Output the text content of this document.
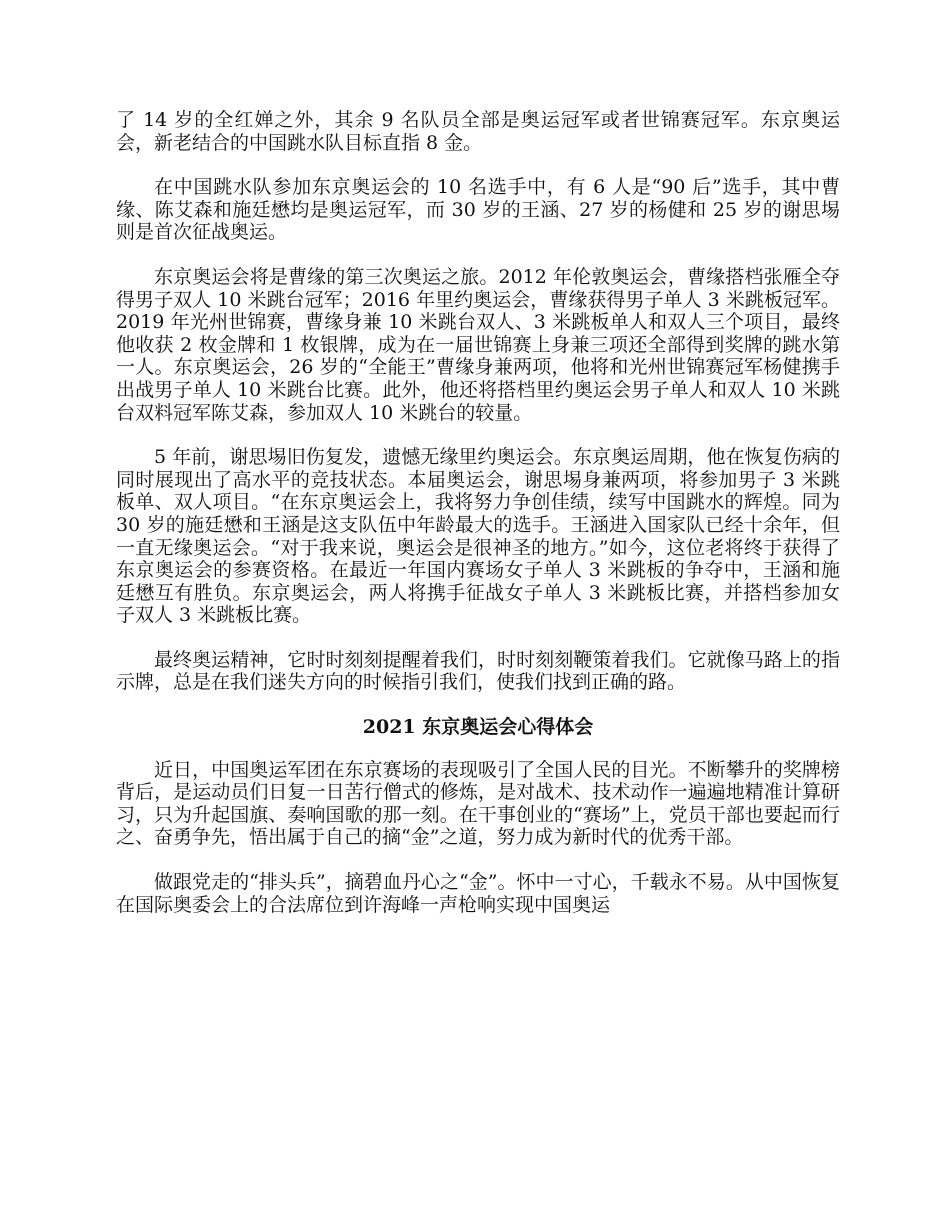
了 14 岁的全红婵之外，其余 9 名队员全部是奥运冠军或者世锦赛冠军。东京奥运会，新老结合的中国跳水队目标直指 8 金。

在中国跳水队参加东京奥运会的 10 名选手中，有 6 人是“90 后”选手，其中曹缘、陈艾森和施廷懋均是奥运冠军，而 30 岁的王涵、27 岁的杨健和 25 岁的谢思埸则是首次征战奥运。

东京奥运会将是曹缘的第三次奥运之旅。2012 年伦敦奥运会，曹缘搭档张雁全夺得男子双人 10 米跳台冠军；2016 年里约奥运会，曹缘获得男子单人 3 米跳板冠军。2019 年光州世锦赛，曹缘身兼 10 米跳台双人、3 米跳板单人和双人三个项目，最终他收获 2 枚金牌和 1 枚银牌，成为在一届世锦赛上身兼三项还全部得到奖牌的跳水第一人。东京奥运会，26 岁的“全能王”曹缘身兼两项，他将和光州世锦赛冠军杨健携手出战男子单人 10 米跳台比赛。此外，他还将搭档里约奥运会男子单人和双人 10 米跳台双料冠军陈艾森，参加双人 10 米跳台的较量。

5 年前，谢思埸旧伤复发，遗憾无缘里约奥运会。东京奥运周期，他在恢复伤病的同时展现出了高水平的竞技状态。本届奥运会，谢思埸身兼两项，将参加男子 3 米跳板单、双人项目。“在东京奥运会上，我将努力争创佳绩，续写中国跳水的辉煌。同为 30 岁的施廷懋和王涵是这支队伍中年龄最大的选手。王涵进入国家队已经十余年，但一直无缘奥运会。“对于我来说，奥运会是很神圣的地方。”如今，这位老将终于获得了东京奥运会的参赛资格。在最近一年国内赛场女子单人 3 米跳板的争夺中，王涵和施廷懋互有胜负。东京奥运会，两人将携手征战女子单人 3 米跳板比赛，并搭档参加女子双人 3 米跳板比赛。

最终奥运精神，它时时刻刻提醒着我们，时时刻刻鞭策着我们。它就像马路上的指示牌，总是在我们迷失方向的时候指引我们，使我们找到正确的路。

2021 东京奥运会心得体会

近日，中国奥运军团在东京赛场的表现吸引了全国人民的目光。不断攀升的奖牌榜背后，是运动员们日复一日苦行僧式的修炼，是对战术、技术动作一遍遍地精准计算研习，只为升起国旗、奏响国歌的那一刻。在干事创业的“赛场”上，党员干部也要起而行之、奋勇争先，悟出属于自己的摘“金”之道，努力成为新时代的优秀干部。

做跟党走的“排头兵”，摘碧血丹心之“金”。怀中一寸心，千载永不易。从中国恢复在国际奥委会上的合法席位到许海峰一声枪响实现中国奥运
